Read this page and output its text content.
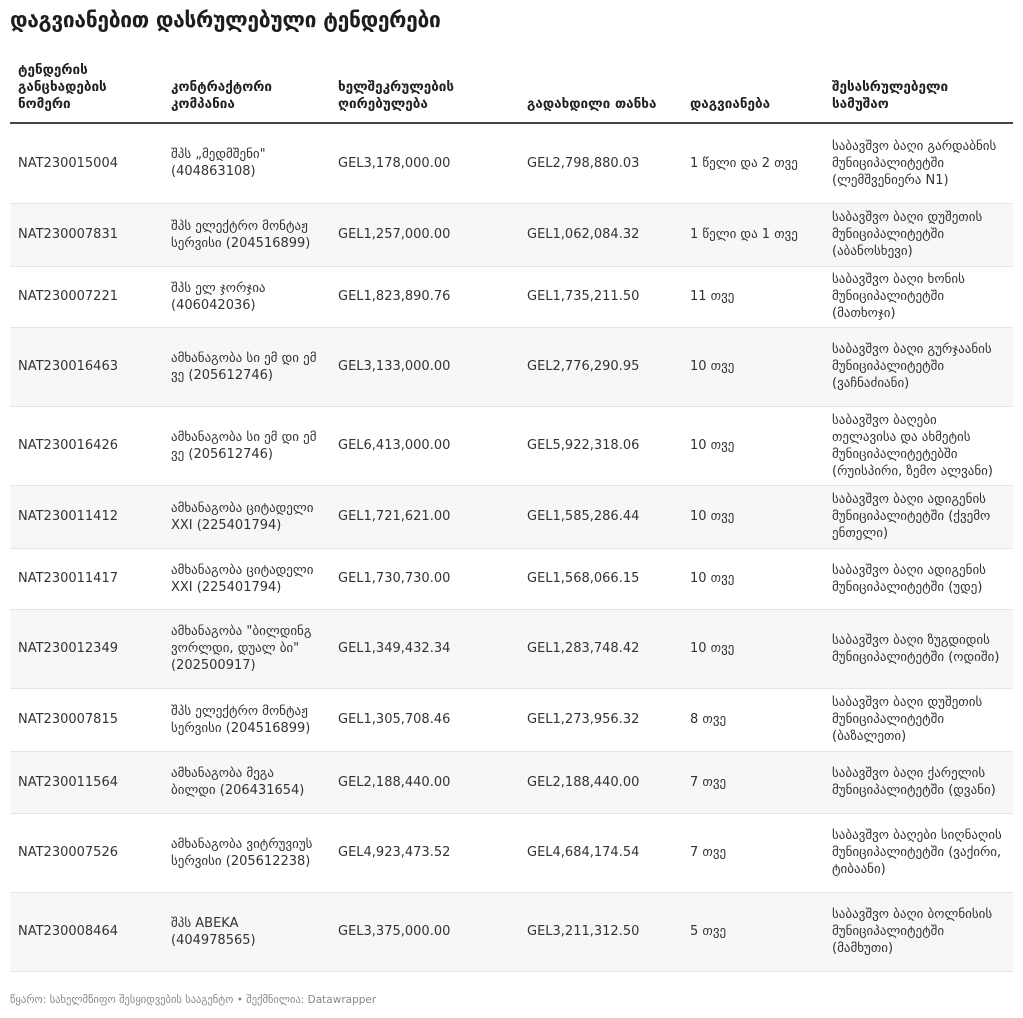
დაგვიანებით დასრულებული ტენდერები
ტენდერის განცხადების ნომერი	კონტრაქტორი კომპანია	ხელშეკრულების ღირებულება	გადახდილი თანხა	დაგვიანება	შესასრულებელი სამუშაო
NAT230015004	შპს „მედმშენი" (404863108)	GEL3,178,000.00	GEL2,798,880.03	1 წელი და 2 თვე	საბავშვო ბაღი გარდაბნის მუნიციპალიტეტში (ლემშვენიერა N1)
NAT230007831	შპს ელექტრო მონტაჟ სერვისი (204516899)	GEL1,257,000.00	GEL1,062,084.32	1 წელი და 1 თვე	საბავშვო ბაღი დუშეთის მუნიციპალიტეტში (აბანოსხევი)
NAT230007221	შპს ელ ჯორჯია (406042036)	GEL1,823,890.76	GEL1,735,211.50	11 თვე	საბავშვო ბაღი ხონის მუნიციპალიტეტში (მათხოჯი)
NAT230016463	ამხანაგობა სი ემ დი ემ ვე (205612746)	GEL3,133,000.00	GEL2,776,290.95	10 თვე	საბავშვო ბაღი გურჯაანის მუნიციპალიტეტში (ვაჩნაძიანი)
NAT230016426	ამხანაგობა სი ემ დი ემ ვე (205612746)	GEL6,413,000.00	GEL5,922,318.06	10 თვე	საბავშვო ბაღები თელავისა და ახმეტის მუნიციპალიტეტებში (რუისპირი, ზემო ალვანი)
NAT230011412	ამხანაგობა ციტადელი XXI (225401794)	GEL1,721,621.00	GEL1,585,286.44	10 თვე	საბავშვო ბაღი ადიგენის მუნიციპალიტეტში (ქვემო ენთელი)
NAT230011417	ამხანაგობა ციტადელი XXI (225401794)	GEL1,730,730.00	GEL1,568,066.15	10 თვე	საბავშვო ბაღი ადიგენის მუნიციპალიტეტში (უდე)
NAT230012349	ამხანაგობა "ბილდინგ ვორლდი, დუალ ბი" (202500917)	GEL1,349,432.34	GEL1,283,748.42	10 თვე	საბავშვო ბაღი ზუგდიდის მუნიციპალიტეტში (ოდიში)
NAT230007815	შპს ელექტრო მონტაჟ სერვისი (204516899)	GEL1,305,708.46	GEL1,273,956.32	8 თვე	საბავშვო ბაღი დუშეთის მუნიციპალიტეტში (ბაზალეთი)
NAT230011564	ამხანაგობა მეგა ბილდი (206431654)	GEL2,188,440.00	GEL2,188,440.00	7 თვე	საბავშვო ბაღი ქარელის მუნიციპალიტეტში (დვანი)
NAT230007526	ამხანაგობა ვიტრუვიუს სერვისი (205612238)	GEL4,923,473.52	GEL4,684,174.54	7 თვე	საბავშვო ბაღები სიღნაღის მუნიციპალიტეტში (ვაქირი, ტიბაანი)
NAT230008464	შპს ABEKA (404978565)	GEL3,375,000.00	GEL3,211,312.50	5 თვე	საბავშვო ბაღი ბოლნისის მუნიციპალიტეტში (მამხუთი)
წყარო: სახელმწიფო შესყიდვების სააგენტო • შექმნილია: Datawrapper
